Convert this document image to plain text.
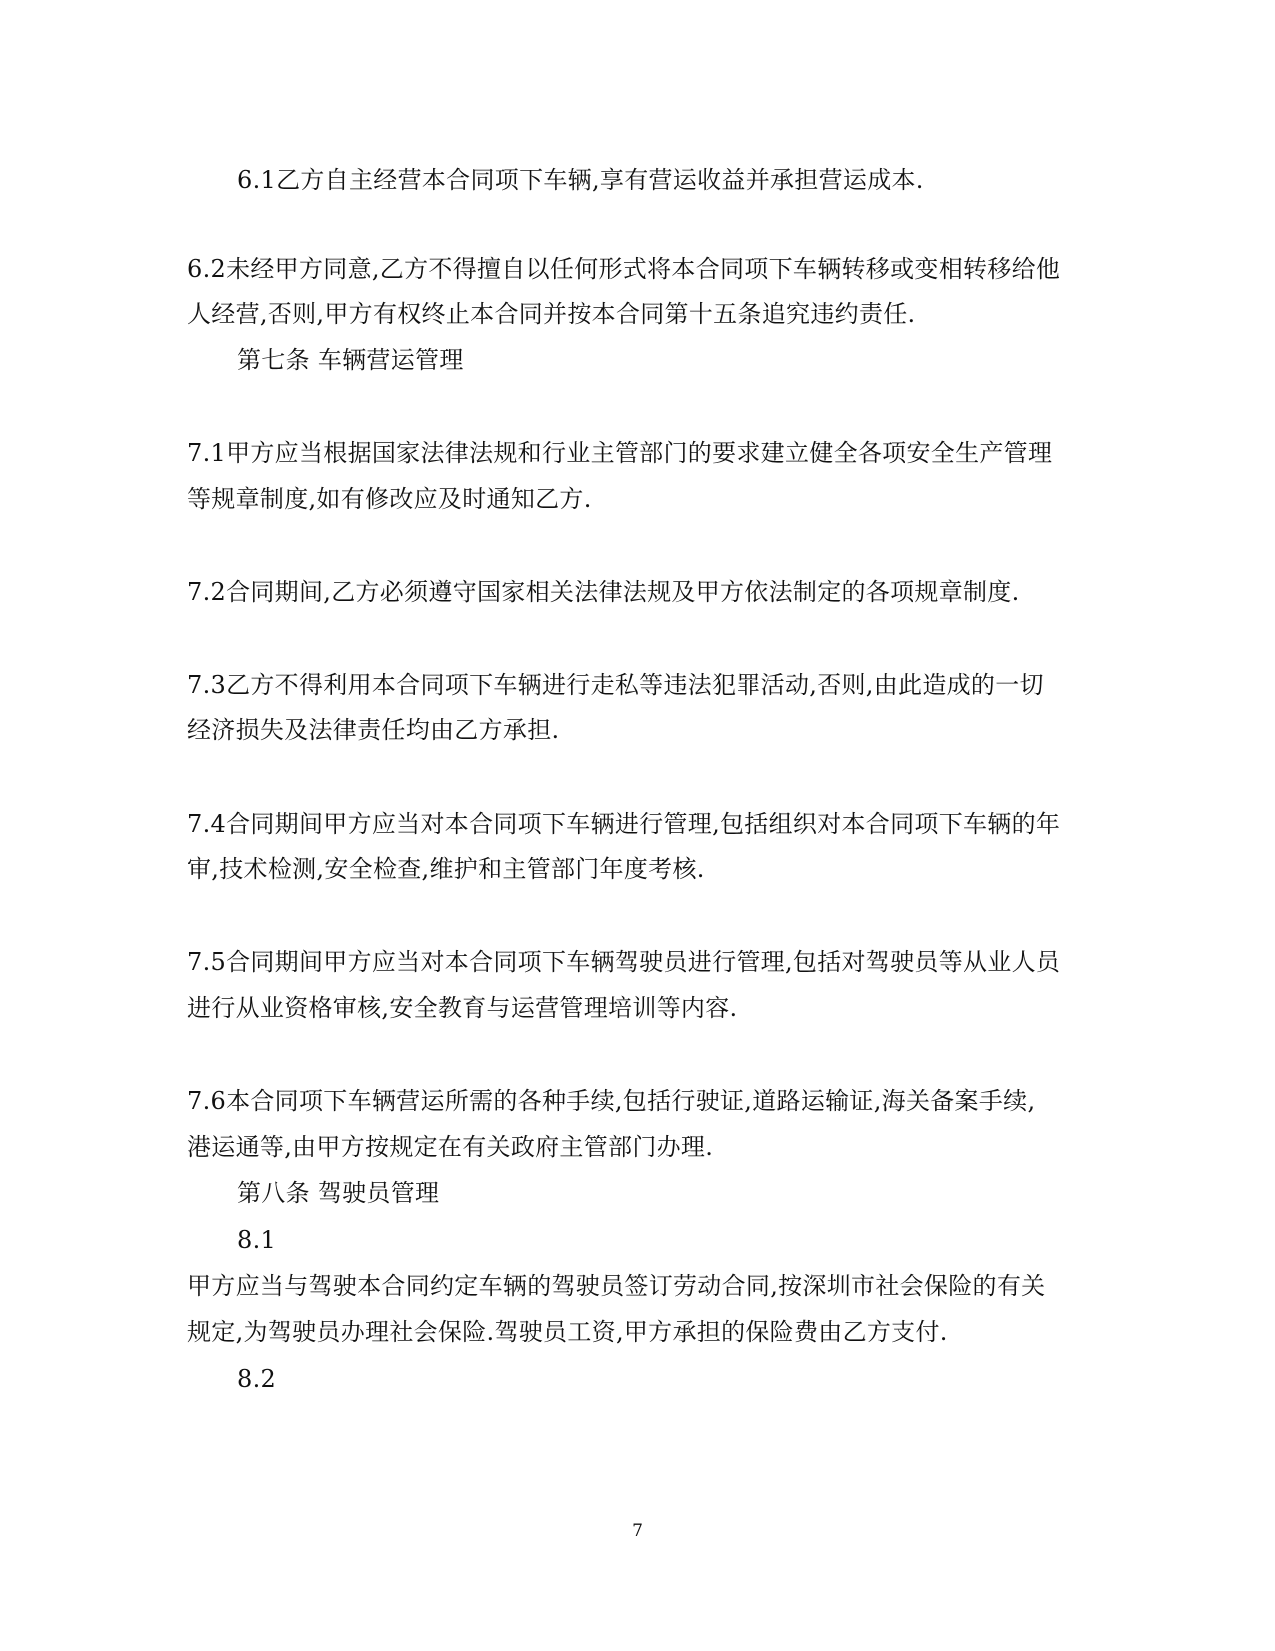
6.1乙方自主经营本合同项下车辆,享有营运收益并承担营运成本.
6.2未经甲方同意,乙方不得擅自以任何形式将本合同项下车辆转移或变相转移给他
人经营,否则,甲方有权终止本合同并按本合同第十五条追究违约责任.
第七条 车辆营运管理
7.1甲方应当根据国家法律法规和行业主管部门的要求建立健全各项安全生产管理
等规章制度,如有修改应及时通知乙方.
7.2合同期间,乙方必须遵守国家相关法律法规及甲方依法制定的各项规章制度.
7.3乙方不得利用本合同项下车辆进行走私等违法犯罪活动,否则,由此造成的一切
经济损失及法律责任均由乙方承担.
7.4合同期间甲方应当对本合同项下车辆进行管理,包括组织对本合同项下车辆的年
审,技术检测,安全检查,维护和主管部门年度考核.
7.5合同期间甲方应当对本合同项下车辆驾驶员进行管理,包括对驾驶员等从业人员
进行从业资格审核,安全教育与运营管理培训等内容.
7.6本合同项下车辆营运所需的各种手续,包括行驶证,道路运输证,海关备案手续,
港运通等,由甲方按规定在有关政府主管部门办理.
第八条 驾驶员管理
8.1
甲方应当与驾驶本合同约定车辆的驾驶员签订劳动合同,按深圳市社会保险的有关
规定,为驾驶员办理社会保险.驾驶员工资,甲方承担的保险费由乙方支付.
8.2
7
